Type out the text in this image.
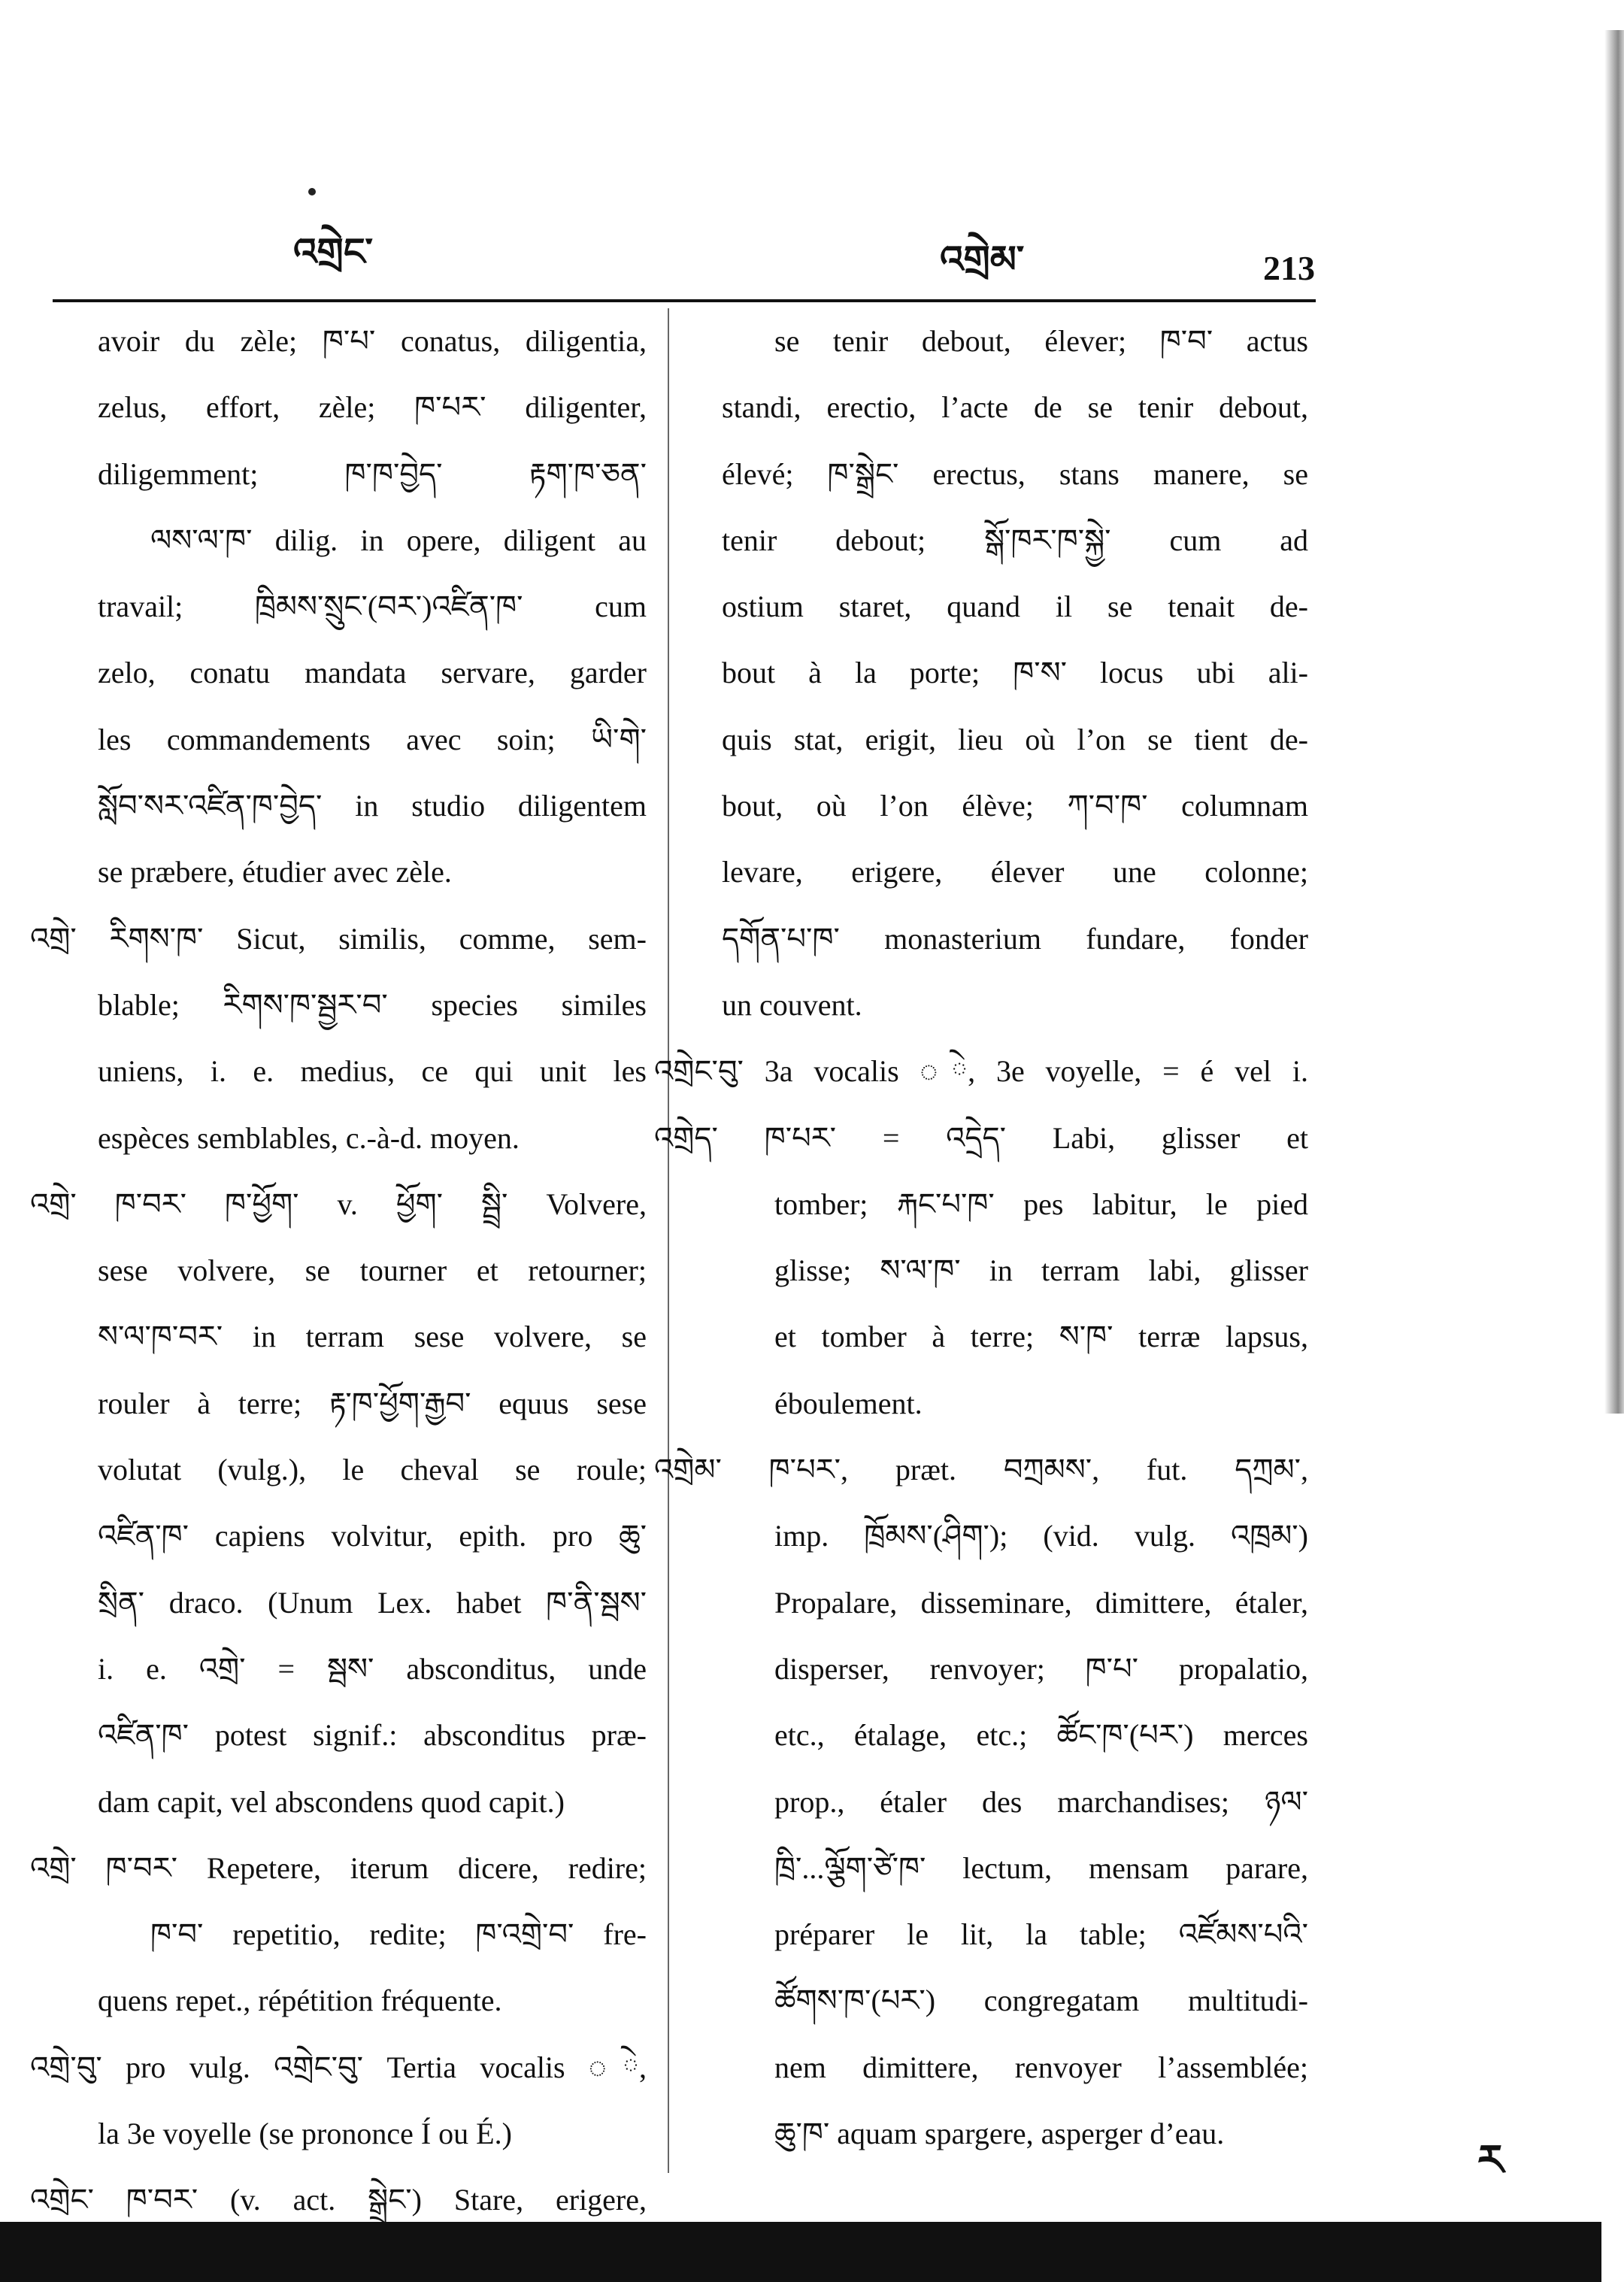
འགྲེང་	འགྲེམ་	213
avoir du zèle; ཁ་པ་ conatus, diligentia,
zelus, effort, zèle; ཁ་པར་ diligenter,
diligemment; ཁ་ཁ་བྱེད་ རྟག་ཁ་ཅན་
ལས་ལ་ཁ་ dilig. in opere, diligent au
travail; ཁྲིམས་སྲུང་(བར་)འཛིན་ཁ་ cum
zelo, conatu mandata servare, garder
les commandements avec soin; ཡི་གེ་
སློབ་སར་འཛིན་ཁ་བྱེད་ in studio diligentem
se præbere, étudier avec zèle.
འགྲེ་ རིགས་ཁ་ Sicut, similis, comme, sem-
blable; རིགས་ཁ་སྦྱར་བ་ species similes
uniens, i. e. medius, ce qui unit les
espèces semblables, c.-à-d. moyen.
འགྲེ་ ཁ་བར་ ཁ་ཕྱོག་ v. ཕྱོག་ སྦྲི་ Volvere,
sese volvere, se tourner et retourner;
ས་ལ་ཁ་བར་ in terram sese volvere, se
rouler à terre; རྟ་ཁ་ཕྱོག་རྒྱབ་ equus sese
volutat (vulg.), le cheval se roule;
འཛིན་ཁ་ capiens volvitur, epith. pro ཆུ་
སྲིན་ draco. (Unum Lex. habet ཁ་ནི་སྦས་
i. e. འགྲེ་ = སྦས་ absconditus, unde
འཛིན་ཁ་ potest signif.: absconditus præ-
dam capit, vel abscondens quod capit.)
འགྲེ་ ཁ་བར་ Repetere, iterum dicere, redire;
ཁ་བ་ repetitio, redite; ཁ་འགྲེ་བ་ fre-
quens repet., répétition fréquente.
འགྲེ་བུ་ pro vulg. འགྲེང་བུ་ Tertia vocalis ◌ེ,
la 3e voyelle (se prononce Í ou É.)
འགྲེང་ ཁ་བར་ (v. act. སྒྲེང་) Stare, erigere,
se tenir debout, élever; ཁ་བ་ actus
standi, erectio, l’acte de se tenir debout,
élevé; ཁ་སྒྲེང་ erectus, stans manere, se
tenir debout; སྒོ་ཁར་ཁ་སྐྱེ་ cum ad
ostium staret, quand il se tenait de-
bout à la porte; ཁ་ས་ locus ubi ali-
quis stat, erigit, lieu où l’on se tient de-
bout, où l’on élève; ཀ་བ་ཁ་ columnam
levare, erigere, élever une colonne;
དགོན་པ་ཁ་ monasterium fundare, fonder
un couvent.
འགྲེང་བུ་ 3a vocalis ◌ེ, 3e voyelle, = é vel i.
འགྲེད་ ཁ་པར་ = འདྲེད་ Labi, glisser et
tomber; རྐང་པ་ཁ་ pes labitur, le pied
glisse; ས་ལ་ཁ་ in terram labi, glisser
et tomber à terre; ས་ཁ་ terræ lapsus,
éboulement.
འགྲེམ་ ཁ་པར་, præt. བཀྲམས་, fut. དཀྲམ་,
imp. ཁྲོམས་(ཤིག་); (vid. vulg. འཁྲམ་)
Propalare, disseminare, dimittere, étaler,
disperser, renvoyer; ཁ་པ་ propalatio,
etc., étalage, etc.; ཚོང་ཁ་(པར་) merces
prop., étaler des marchandises; ཉལ་
ཁྲི་...ལྕོག་ཙེ་ཁ་ lectum, mensam parare,
préparer le lit, la table; འཛོམས་པའི་
ཚོགས་ཁ་(པར་) congregatam multitudi-
nem dimittere, renvoyer l’assemblée;
ཆུ་ཁ་ aquam spargere, asperger d’eau.
ཪ
